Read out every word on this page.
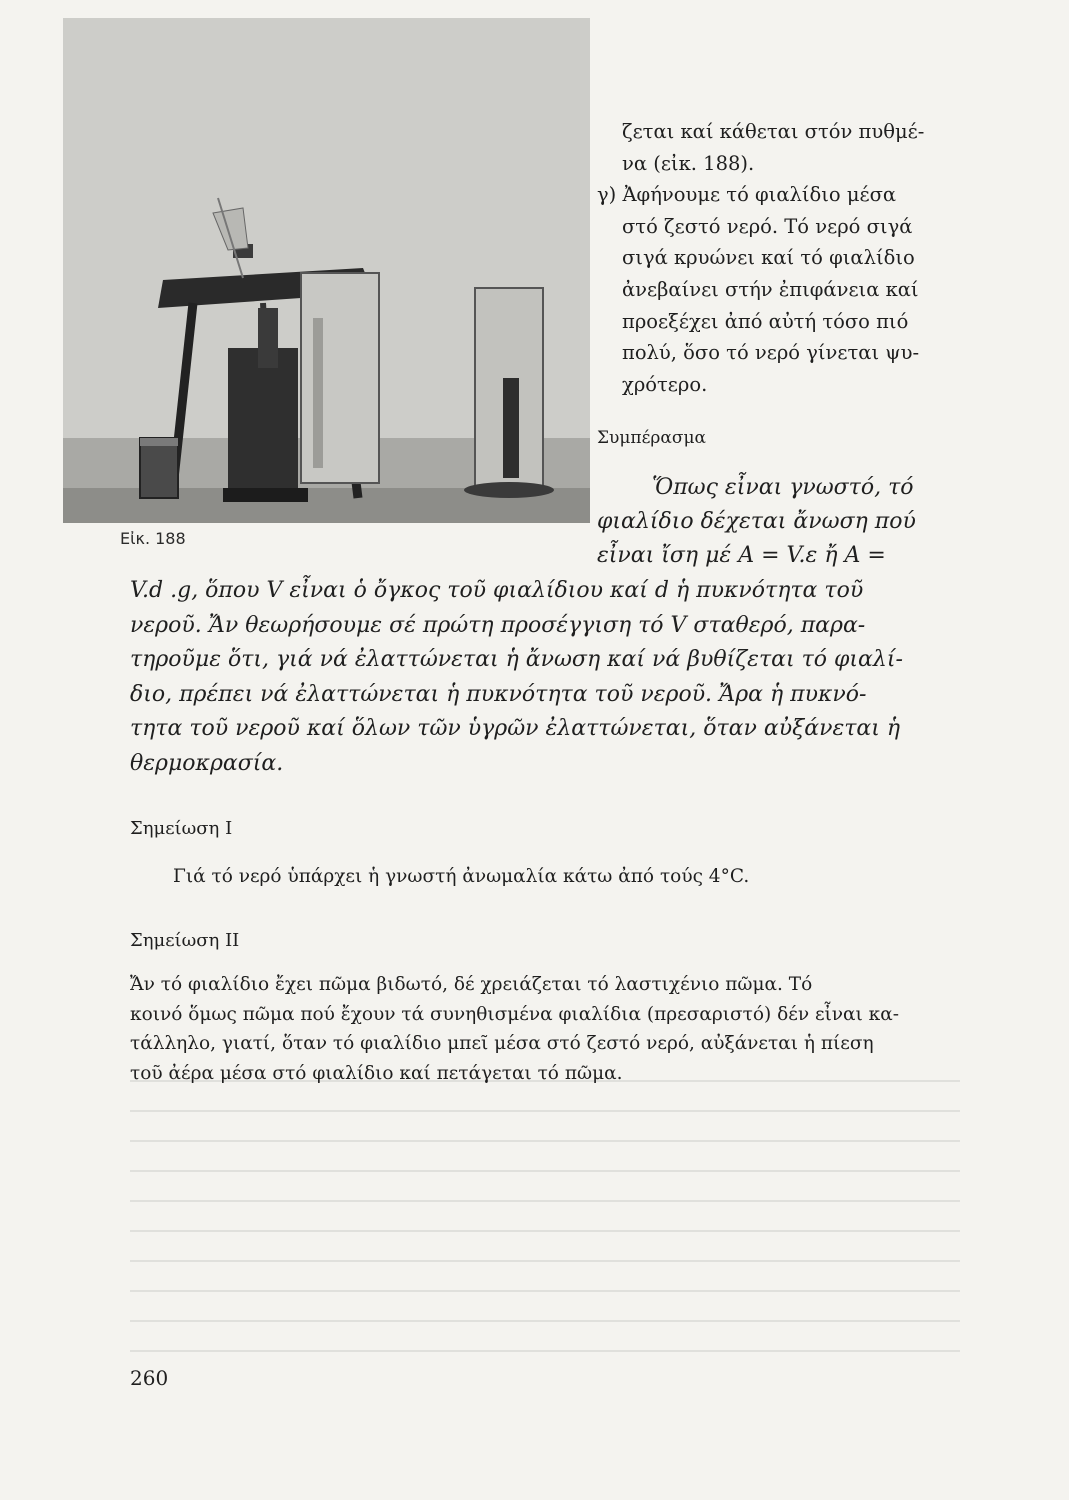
Εἰκ. 188
ζεται καί κάθεται στόν πυθμέ-
να (εἰκ. 188).
γ) Ἀφήνουμε τό φιαλίδιο μέσα
στό ζεστό νερό. Τό νερό σιγά
σιγά κρυώνει καί τό φιαλίδιο
ἀνεβαίνει στήν ἐπιφάνεια καί
προεξέχει ἀπό αὐτή τόσο πιό
πολύ, ὅσο τό νερό γίνεται ψυ-
χρότερο.
Συμπέρασμα
Ὅπως εἶναι γνωστό, τό
φιαλίδιο δέχεται ἄνωση πού
εἶναι ἴση μέ A = V.ε ἤ A =
V.d .g, ὅπου V εἶναι ὁ ὄγκος τοῦ φιαλίδιου καί d ἡ πυκνότητα τοῦ
νεροῦ. Ἄν θεωρήσουμε σέ πρώτη προσέγγιση τό V σταθερό, παρα-
τηροῦμε ὅτι, γιά νά ἐλαττώνεται ἡ ἄνωση καί νά βυθίζεται τό φιαλί-
διο, πρέπει νά ἐλαττώνεται ἡ πυκνότητα τοῦ νεροῦ. Ἄρα ἡ πυκνό-
τητα τοῦ νεροῦ καί ὅλων τῶν ὑγρῶν ἐλαττώνεται, ὅταν αὐξάνεται ἡ
θερμοκρασία.
Σημείωση I
Γιά τό νερό ὑπάρχει ἡ γνωστή ἀνωμαλία κάτω ἀπό τούς 4°C.
Σημείωση II
Ἄν τό φιαλίδιο ἔχει πῶμα βιδωτό, δέ χρειάζεται τό λαστιχένιο πῶμα. Τό
κοινό ὅμως πῶμα πού ἔχουν τά συνηθισμένα φιαλίδια (πρεσαριστό) δέν εἶναι κα-
τάλληλο, γιατί, ὅταν τό φιαλίδιο μπεῖ μέσα στό ζεστό νερό, αὐξάνεται ἡ πίεση
τοῦ ἀέρα μέσα στό φιαλίδιο καί πετάγεται τό πῶμα.
260
